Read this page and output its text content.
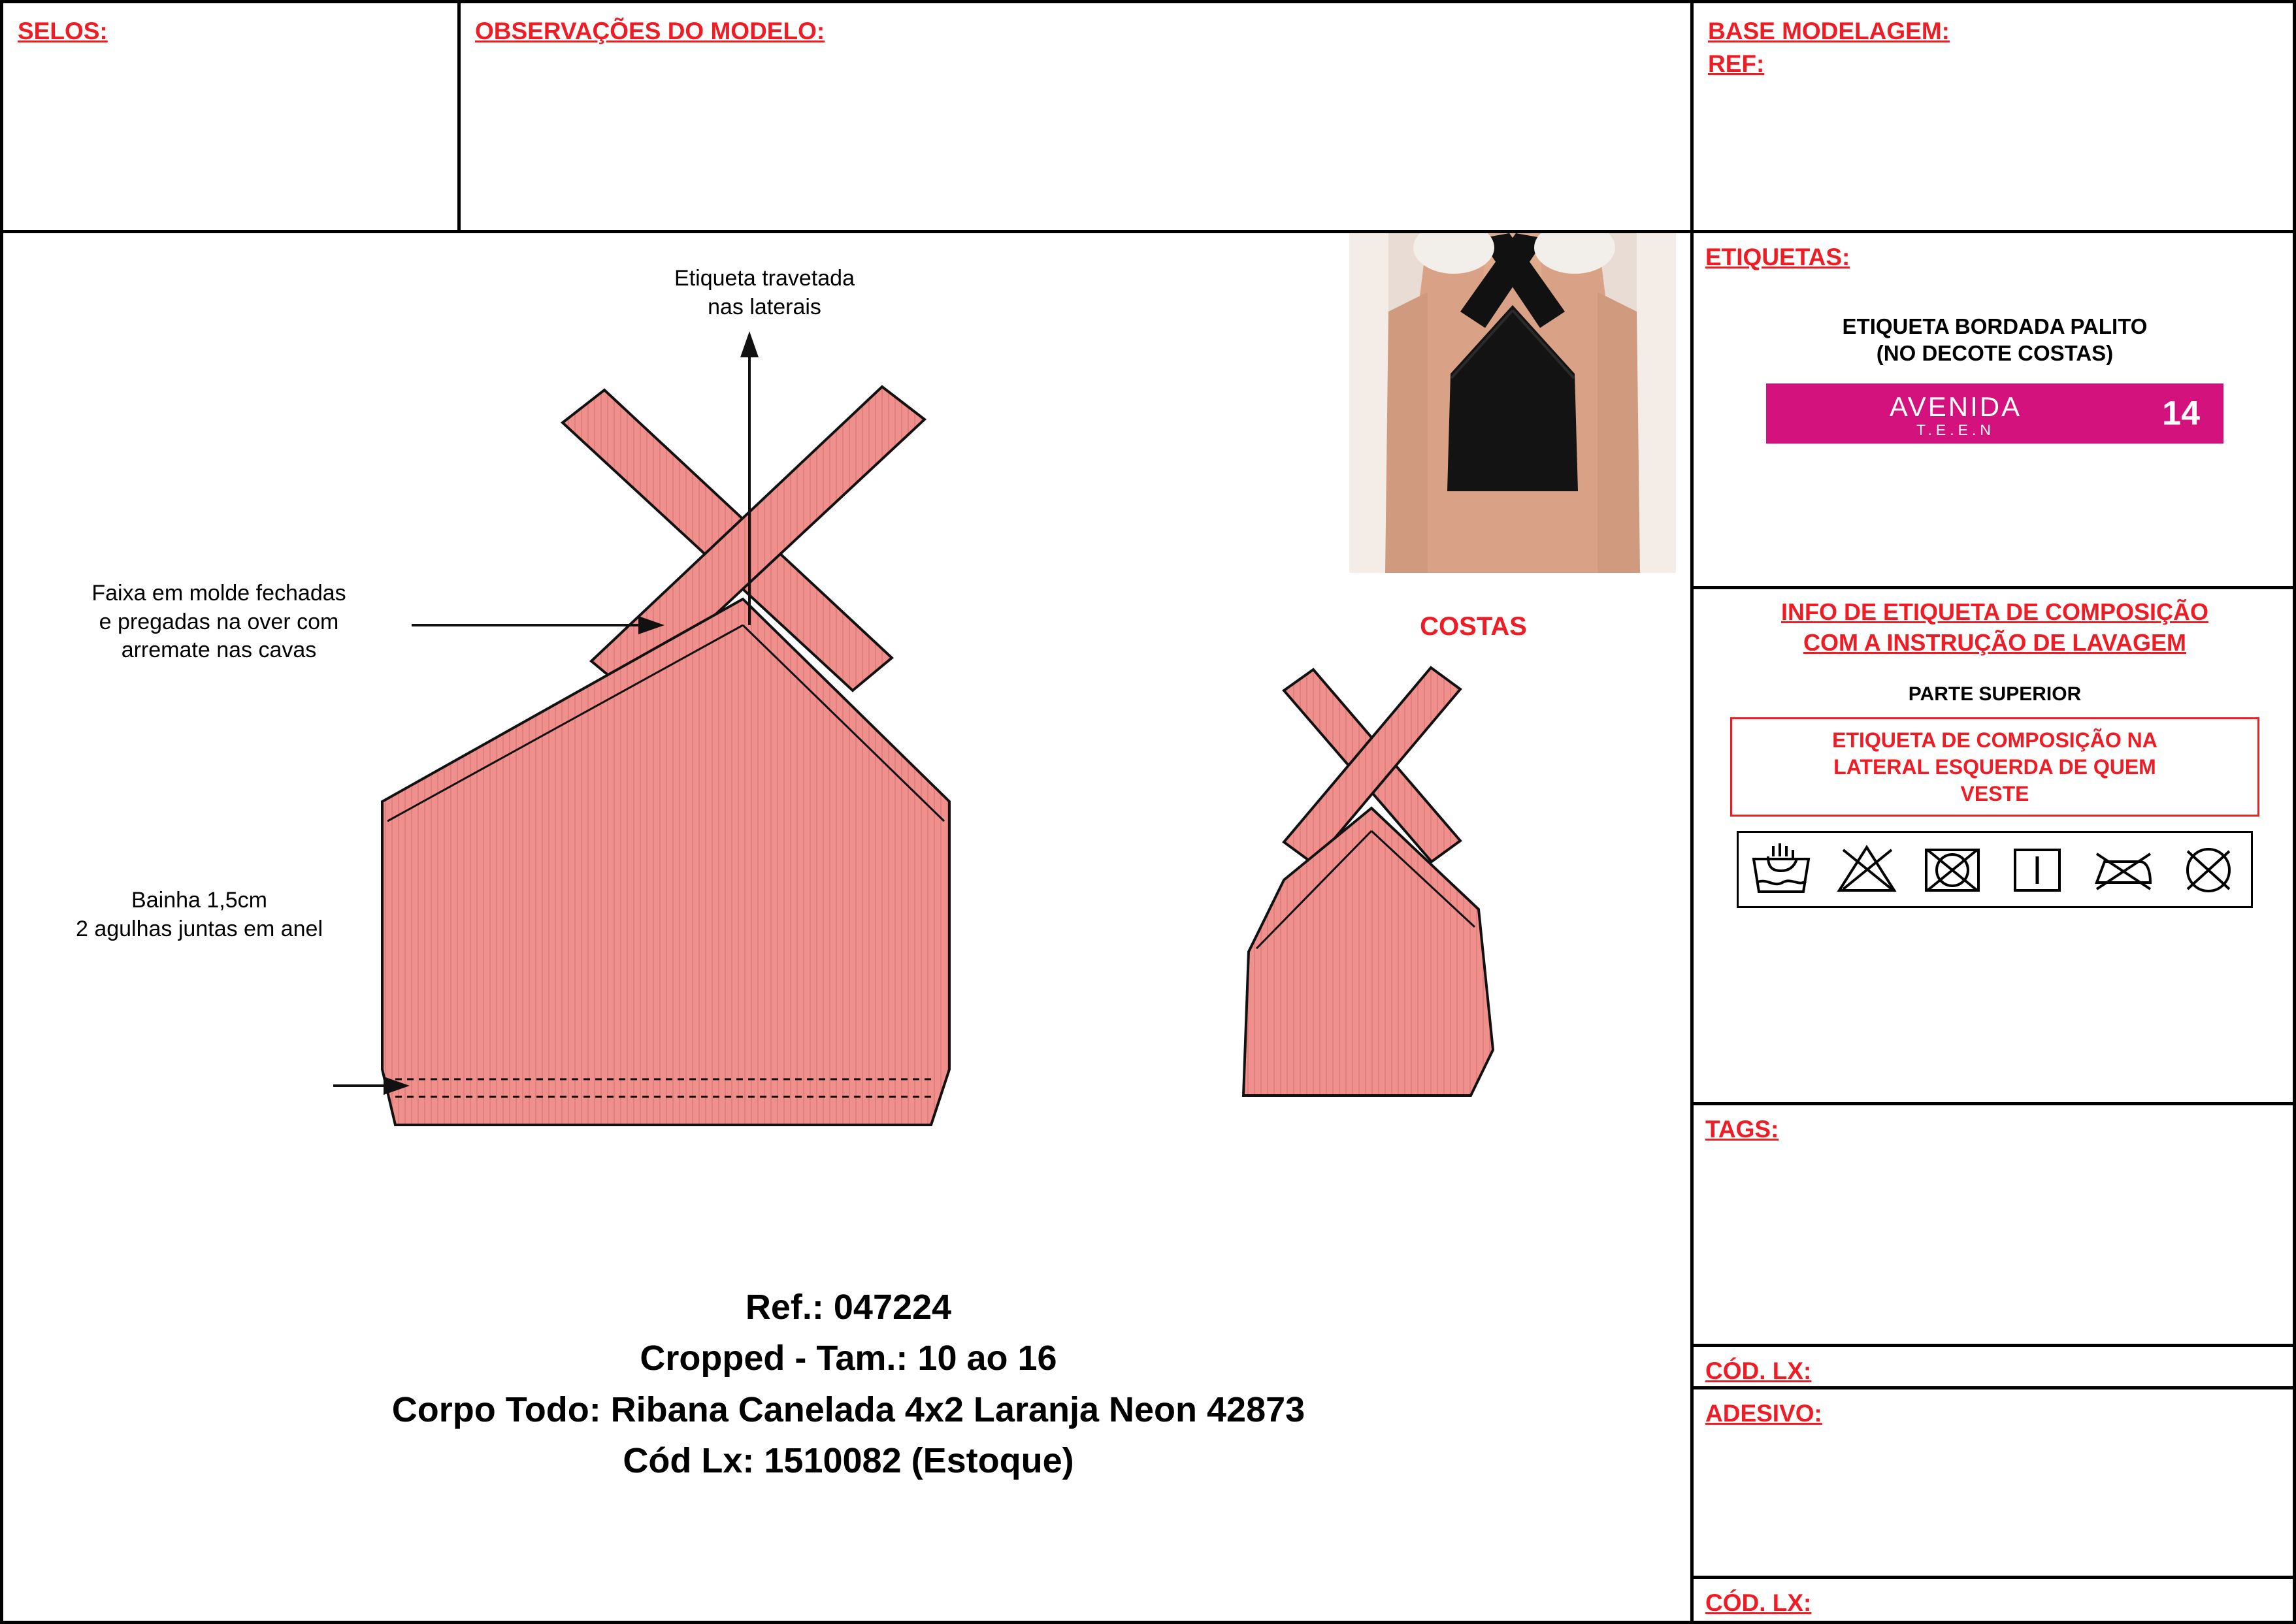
SELOS:	OBSERVAÇÕES DO MODELO:	BASE MODELAGEM:
REF:
COSTAS
Etiqueta travetada
nas laterais
Faixa em molde fechadas
e pregadas na over com
arremate nas cavas
Bainha 1,5cm
2 agulhas juntas em anel
Ref.: 047224
Cropped - Tam.: 10 ao 16
Corpo Todo: Ribana Canelada 4x2 Laranja Neon 42873
Cód Lx: 1510082 (Estoque)
ETIQUETAS:
ETIQUETA BORDADA PALITO
(NO DECOTE COSTAS)
AVENIDA
T.E.E.N	14
INFO DE ETIQUETA DE COMPOSIÇÃO
COM A INSTRUÇÃO DE LAVAGEM
PARTE SUPERIOR
ETIQUETA DE COMPOSIÇÃO NA
LATERAL ESQUERDA DE QUEM
VESTE
TAGS:
CÓD. LX:
ADESIVO:
CÓD. LX:
